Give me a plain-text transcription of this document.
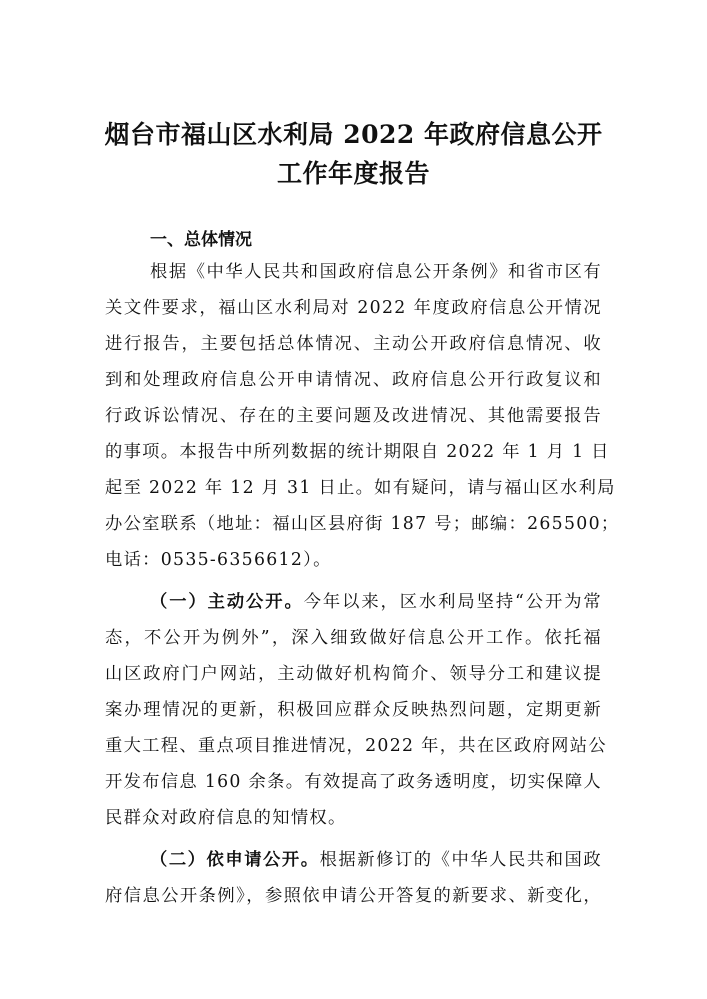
烟台市福山区水利局 2022 年政府信息公开
工作年度报告
一、总体情况
根据《中华人民共和国政府信息公开条例》和省市区有
关文件要求，福山区水利局对 2022 年度政府信息公开情况
进行报告，主要包括总体情况、主动公开政府信息情况、收
到和处理政府信息公开申请情况、政府信息公开行政复议和
行政诉讼情况、存在的主要问题及改进情况、其他需要报告
的事项。本报告中所列数据的统计期限自 2022 年 1 月 1 日
起至 2022 年 12 月 31 日止。如有疑问，请与福山区水利局
办公室联系（地址：福山区县府街 187 号；邮编：265500；
电话：0535-6356612）。
（一）主动公开。今年以来，区水利局坚持“公开为常
态，不公开为例外”，深入细致做好信息公开工作。依托福
山区政府门户网站，主动做好机构简介、领导分工和建议提
案办理情况的更新，积极回应群众反映热烈问题，定期更新
重大工程、重点项目推进情况，2022 年，共在区政府网站公
开发布信息 160 余条。有效提高了政务透明度，切实保障人
民群众对政府信息的知情权。
（二）依申请公开。根据新修订的《中华人民共和国政
府信息公开条例》，参照依申请公开答复的新要求、新变化，
